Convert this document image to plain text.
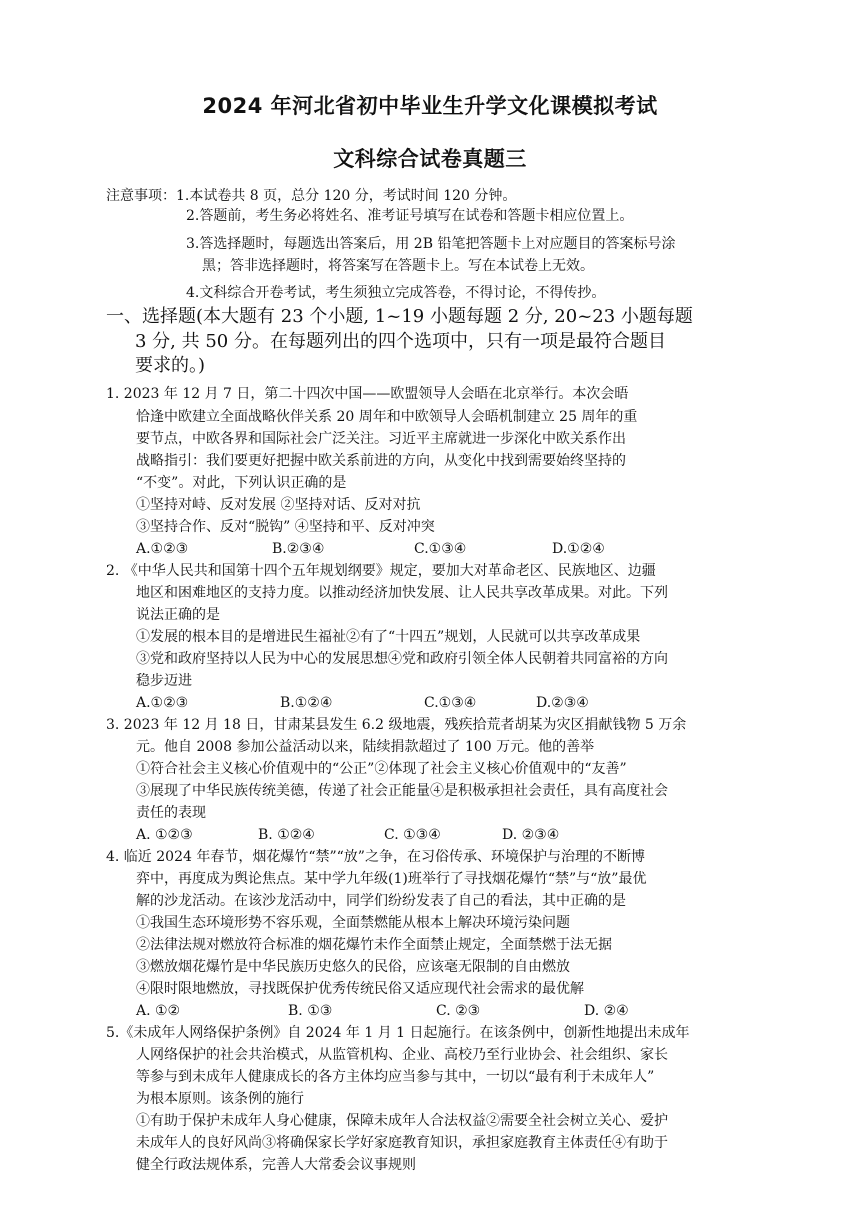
2024 年河北省初中毕业生升学文化课模拟考试
文科综合试卷真题三
注意事项： 1.本试卷共 8 页，总分 120 分，考试时间 120 分钟。
2.答题前，考生务必将姓名、准考证号填写在试卷和答题卡相应位置上。
3.答选择题时，每题选出答案后，用 2B 铅笔把答题卡上对应题目的答案标号涂
黑；答非选择题时，将答案写在答题卡上。写在本试卷上无效。
4.文科综合开卷考试，考生须独立完成答卷，不得讨论，不得传抄。
一、选择题(本大题有 23 个小题, 1~19 小题每题 2 分, 20~23 小题每题
3 分, 共 50 分。在每题列出的四个选项中，只有一项是最符合题目
要求的。)
1. 2023 年 12 月 7 日，第二十四次中国——欧盟领导人会晤在北京举行。本次会晤
恰逢中欧建立全面战略伙伴关系 20 周年和中欧领导人会晤机制建立 25 周年的重
要节点，中欧各界和国际社会广泛关注。习近平主席就进一步深化中欧关系作出
战略指引：我们要更好把握中欧关系前进的方向，从变化中找到需要始终坚持的
“不变”。对此，下列认识正确的是
①坚持对峙、反对发展 ②坚持对话、反对对抗
③坚持合作、反对“脱钩” ④坚持和平、反对冲突
A.①②③	B.②③④	C.①③④	D.①②④
2. 《中华人民共和国第十四个五年规划纲要》规定，要加大对革命老区、民族地区、边疆
地区和困难地区的支持力度。以推动经济加快发展、让人民共享改革成果。对此。下列
说法正确的是
①发展的根本目的是增进民生福祉②有了“十四五”规划，人民就可以共享改革成果
③党和政府坚持以人民为中心的发展思想④党和政府引领全体人民朝着共同富裕的方向
稳步迈进
A.①②③	B.①②④	C.①③④	D.②③④
3. 2023 年 12 月 18 日，甘肃某县发生 6.2 级地震，残疾拾荒者胡某为灾区捐献钱物 5 万余
元。他自 2008 参加公益活动以来，陆续捐款超过了 100 万元。他的善举
①符合社会主义核心价值观中的“公正”②体现了社会主义核心价值观中的“友善”
③展现了中华民族传统美德，传递了社会正能量④是积极承担社会责任，具有高度社会
责任的表现
A. ①②③	B. ①②④	C. ①③④	D. ②③④
4. 临近 2024 年春节，烟花爆竹“禁”“放”之争，在习俗传承、环境保护与治理的不断博
弈中，再度成为舆论焦点。某中学九年级(1)班举行了寻找烟花爆竹“禁”与“放”最优
解的沙龙活动。在该沙龙活动中，同学们纷纷发表了自己的看法，其中正确的是
①我国生态环境形势不容乐观，全面禁燃能从根本上解决环境污染问题
②法律法规对燃放符合标准的烟花爆竹未作全面禁止规定，全面禁燃于法无据
③燃放烟花爆竹是中华民族历史悠久的民俗，应该毫无限制的自由燃放
④限时限地燃放，寻找既保护优秀传统民俗又适应现代社会需求的最优解
A. ①②	B. ①③	C. ②③	D. ②④
5.《未成年人网络保护条例》自 2024 年 1 月 1 日起施行。在该条例中，创新性地提出未成年
人网络保护的社会共治模式，从监管机构、企业、高校乃至行业协会、社会组织、家长
等参与到未成年人健康成长的各方主体均应当参与其中，一切以“最有利于未成年人”
为根本原则。该条例的施行
①有助于保护未成年人身心健康，保障未成年人合法权益②需要全社会树立关心、爱护
未成年人的良好风尚③将确保家长学好家庭教育知识，承担家庭教育主体责任④有助于
健全行政法规体系，完善人大常委会议事规则
